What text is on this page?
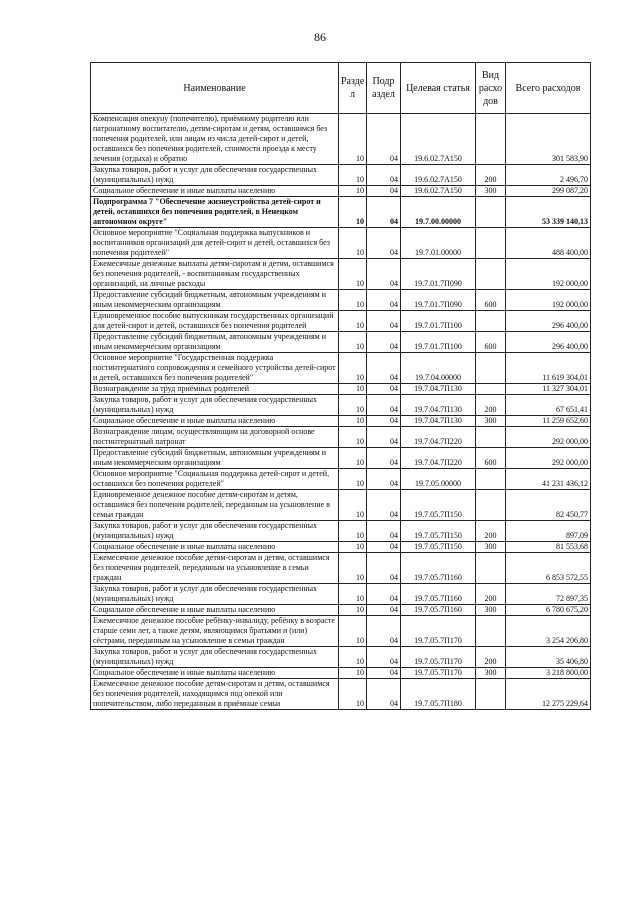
86
Наименование	Разде л	Подр аздел	Целевая статья	Вид расхо дов	Всего расходов
Компенсация опекуну (попечителю), приёмному родителю или патронатному воспитателю, детям-сиротам и детям, оставшимся без попечения родителей, или лицам из числа детей-сирот и детей, оставшихся без попечения родителей, стоимости проезда к месту лечения (отдыха) и обратно	10	04	19.6.02.7А150		301 583,90
Закупка товаров, работ и услуг для обеспечения государственных (муниципальных) нужд	10	04	19.6.02.7А150	200	2 496,70
Социальное обеспечение и иные выплаты населению	10	04	19.6.02.7А150	300	299 087,20
Подпрограмма 7 "Обеспечение жизнеустройства детей-сирот и детей, оставшихся без попечения родителей, в Ненецком автономном округе"	10	04	19.7.00.00000		53 339 140,13
Основное мероприятие "Социальная поддержка выпускников и воспитанников организаций для детей-сирот и детей, оставшихся без попечения родителей"	10	04	19.7.01.00000		488 400,00
Ежемесячные денежные выплаты детям-сиротам и детям, оставшимся без попечения родителей, - воспитанникам государственных организаций, на личные расходы	10	04	19.7.01.7П090		192 000,00
Предоставление субсидий бюджетным, автономным учреждениям и иным некоммерческим организациям	10	04	19.7.01.7П090	600	192 000,00
Единовременное пособие выпускникам государственных организаций для детей-сирот и детей, оставшихся без попечения родителей	10	04	19.7.01.7П100		296 400,00
Предоставление субсидий бюджетным, автономным учреждениям и иным некоммерческим организациям	10	04	19.7.01.7П100	600	296 400,00
Основное мероприятие "Государственная поддержка постинтернатного сопровождения и семейного устройства детей-сирот и детей, оставшихся без попечения родителей"	10	04	19.7.04.00000		11 619 304,01
Вознаграждение за труд приёмных родителей	10	04	19.7.04.7П130		11 327 304,01
Закупка товаров, работ и услуг для обеспечения государственных (муниципальных) нужд	10	04	19.7.04.7П130	200	67 651,41
Социальное обеспечение и иные выплаты населению	10	04	19.7.04.7П130	300	11 259 652,60
Вознаграждение лицам, осуществляющим на договорной основе постинтернатный патронат	10	04	19.7.04.7П220		292 000,00
Предоставление субсидий бюджетным, автономным учреждениям и иным некоммерческим организациям	10	04	19.7.04.7П220	600	292 000,00
Основное мероприятие "Социальная поддержка детей-сирот и детей, оставшихся без попечения родителей"	10	04	19.7.05.00000		41 231 436,12
Единовременное денежное пособие детям-сиротам и детям, оставшимся без попечения родителей, переданным на усыновление в семьи граждан	10	04	19.7.05.7П150		82 450,77
Закупка товаров, работ и услуг для обеспечения государственных (муниципальных) нужд	10	04	19.7.05.7П150	200	897,09
Социальное обеспечение и иные выплаты населению	10	04	19.7.05.7П150	300	81 553,68
Ежемесячное денежное пособие детям-сиротам и детям, оставшимся без попечения родителей, переданным на усыновление в семьи граждан	10	04	19.7.05.7П160		6 853 572,55
Закупка товаров, работ и услуг для обеспечения государственных (муниципальных) нужд	10	04	19.7.05.7П160	200	72 897,35
Социальное обеспечение и иные выплаты населению	10	04	19.7.05.7П160	300	6 780 675,20
Ежемесячное денежное пособие ребёнку-инвалиду, ребёнку в возрасте старше семи лет, а также детям, являющимся братьями и (или) сёстрами, переданным на усыновление в семьи граждан	10	04	19.7.05.7П170		3 254 206,80
Закупка товаров, работ и услуг для обеспечения государственных (муниципальных) нужд	10	04	19.7.05.7П170	200	35 406,80
Социальное обеспечение и иные выплаты населению	10	04	19.7.05.7П170	300	3 218 800,00
Ежемесячное денежное пособие детям-сиротам и детям, оставшимся без попечения родителей, находящимся под опекой или попечительством, либо переданным в приёмные семьи	10	04	19.7.05.7П180		12 275 229,64
